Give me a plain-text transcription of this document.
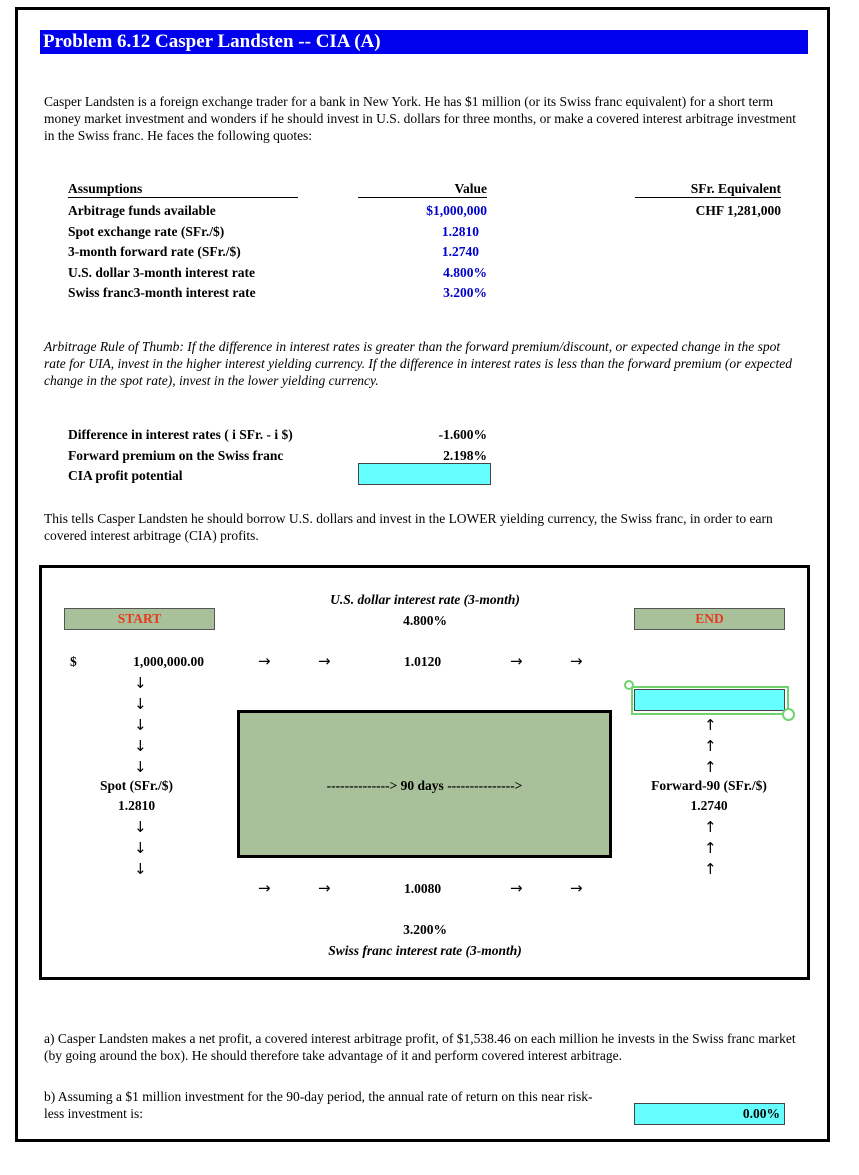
Problem 6.12 Casper Landsten -- CIA (A)
Casper Landsten is a foreign exchange trader for a bank in New York. He has $1 million (or its Swiss franc equivalent) for a short term money market investment and wonders if he should invest in U.S. dollars for three months, or make a covered interest arbitrage investment in the Swiss franc. He faces the following quotes:
Assumptions	Value	SFr. Equivalent
Arbitrage funds available	$1,000,000	CHF 1,281,000
Spot exchange rate (SFr./$)	1.2810
3-month forward rate (SFr./$)	1.2740
U.S. dollar 3-month interest rate	4.800%
Swiss franc3-month interest rate	3.200%
Arbitrage Rule of Thumb: If the difference in interest rates is greater than the forward premium/discount, or expected change in the spot rate for UIA, invest in the higher interest yielding currency. If the difference in interest rates is less than the forward premium (or expected change in the spot rate), invest in the lower yielding currency.
Difference in interest rates ( i SFr. - i $)	-1.600%
Forward premium on the Swiss franc	2.198%
CIA profit potential
This tells Casper Landsten he should borrow U.S. dollars and invest in the LOWER yielding currency, the Swiss franc, in order to earn covered interest arbitrage (CIA) profits.
U.S. dollar interest rate (3-month)
4.800%
START	END
$	1,000,000.00	→	→	1.0120	→	→
↓
↓
↓
↓
↓
↑
↑
↑
--------------> 90 days --------------->
Spot (SFr./$)
1.2810
Forward-90 (SFr./$)
1.2740
↓
↓
↓
↑
↑
↑
→	→	1.0080	→	→
3.200%
Swiss franc interest rate (3-month)
a) Casper Landsten makes a net profit, a covered interest arbitrage profit, of $1,538.46 on each million he invests in the Swiss franc market (by going around the box). He should therefore take advantage of it and perform covered interest arbitrage.
b) Assuming a $1 million investment for the 90-day period, the annual rate of return on this near risk-less investment is:	0.00%
